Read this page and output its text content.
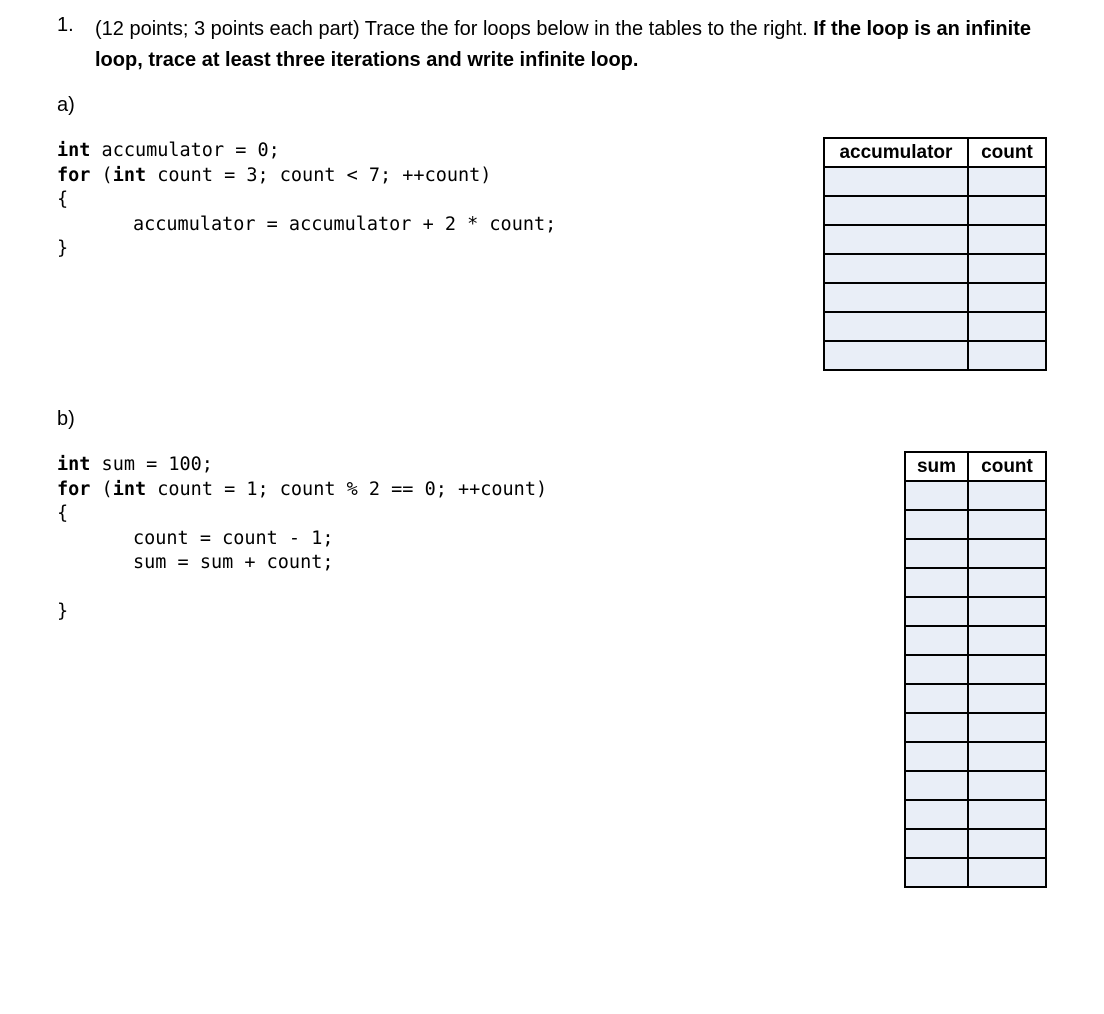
1. (12 points; 3 points each part) Trace the for loops below in the tables to the right. If the loop is an infinite loop, trace at least three iterations and write infinite loop.
a)
int accumulator = 0;
for (int count = 3; count < 7; ++count)
{
accumulator = accumulator + 2 * count;
}
accumulator	count

b)
int sum = 100;
for (int count = 1; count % 2 == 0; ++count)
{
count = count - 1;
sum = sum + count;
}
sum	count
